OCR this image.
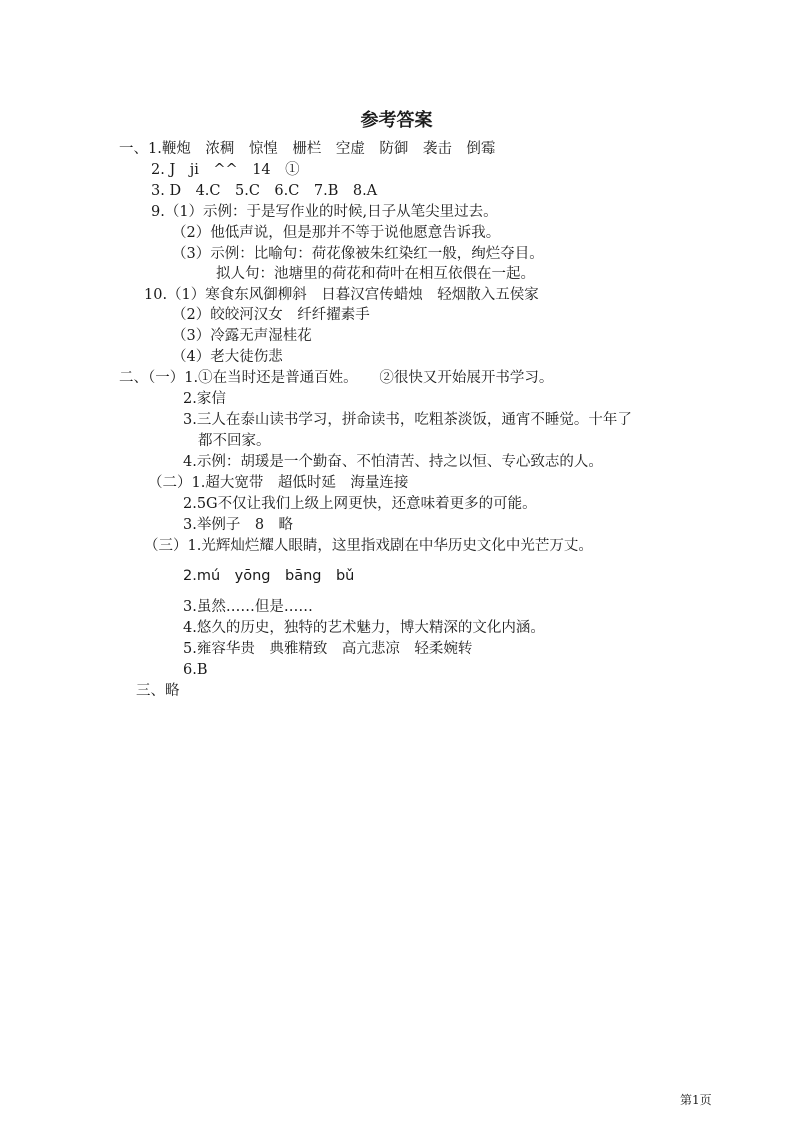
参考答案
一、1.鞭炮　浓稠　惊惶　栅栏　空虚　防御　袭击　倒霉
2. J　ji　^^　14　①
3. D　4.C　5.C　6.C　7.B　8.A
9.（1）示例：于是写作业的时候,日子从笔尖里过去。
（2）他低声说，但是那并不等于说他愿意告诉我。
（3）示例：比喻句：荷花像被朱红染红一般，绚烂夺目。
拟人句：池塘里的荷花和荷叶在相互依偎在一起。
10.（1）寒食东风御柳斜　日暮汉宫传蜡烛　轻烟散入五侯家
（2）皎皎河汉女　纤纤擢素手
（3）冷露无声湿桂花
（4）老大徒伤悲
二、（一）1.①在当时还是普通百姓。　　②很快又开始展开书学习。
2.家信
3.三人在泰山读书学习，拼命读书，吃粗茶淡饭，通宵不睡觉。十年了
都不回家。
4.示例：胡瑗是一个勤奋、不怕清苦、持之以恒、专心致志的人。
（二）1.超大宽带　超低时延　海量连接
2.5G不仅让我们上级上网更快，还意味着更多的可能。
3.举例子　8　略
（三）1.光辉灿烂耀人眼睛，这里指戏剧在中华历史文化中光芒万丈。
2.mú　yōng　bāng　bǔ
3.虽然……但是……
4.悠久的历史，独特的艺术魅力，博大精深的文化内涵。
5.雍容华贵　典雅精致　高亢悲凉　轻柔婉转
6.B
三、略
第1页
